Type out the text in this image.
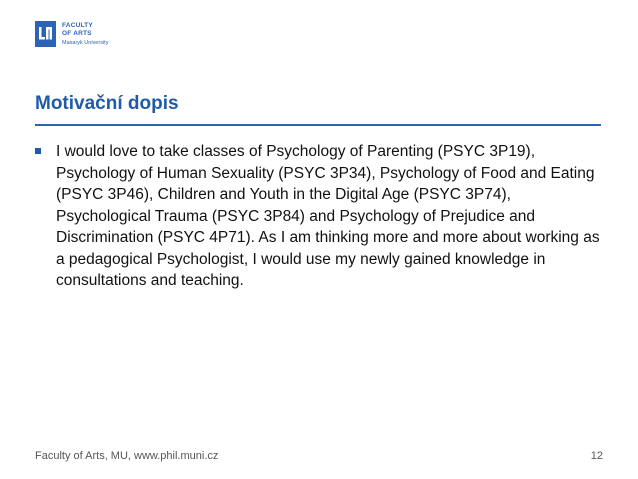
FACULTY
OF ARTS
Masaryk University
Motivační dopis
I would love to take classes of Psychology of Parenting (PSYC 3P19), Psychology of Human Sexuality (PSYC 3P34), Psychology of Food and Eating (PSYC 3P46), Children and Youth in the Digital Age (PSYC 3P74), Psychological Trauma (PSYC 3P84) and Psychology of Prejudice and Discrimination (PSYC 4P71). As I am thinking more and more about working as a pedagogical Psychologist, I would use my newly gained knowledge in consultations and teaching.
Faculty of Arts, MU, www.phil.muni.cz	12
